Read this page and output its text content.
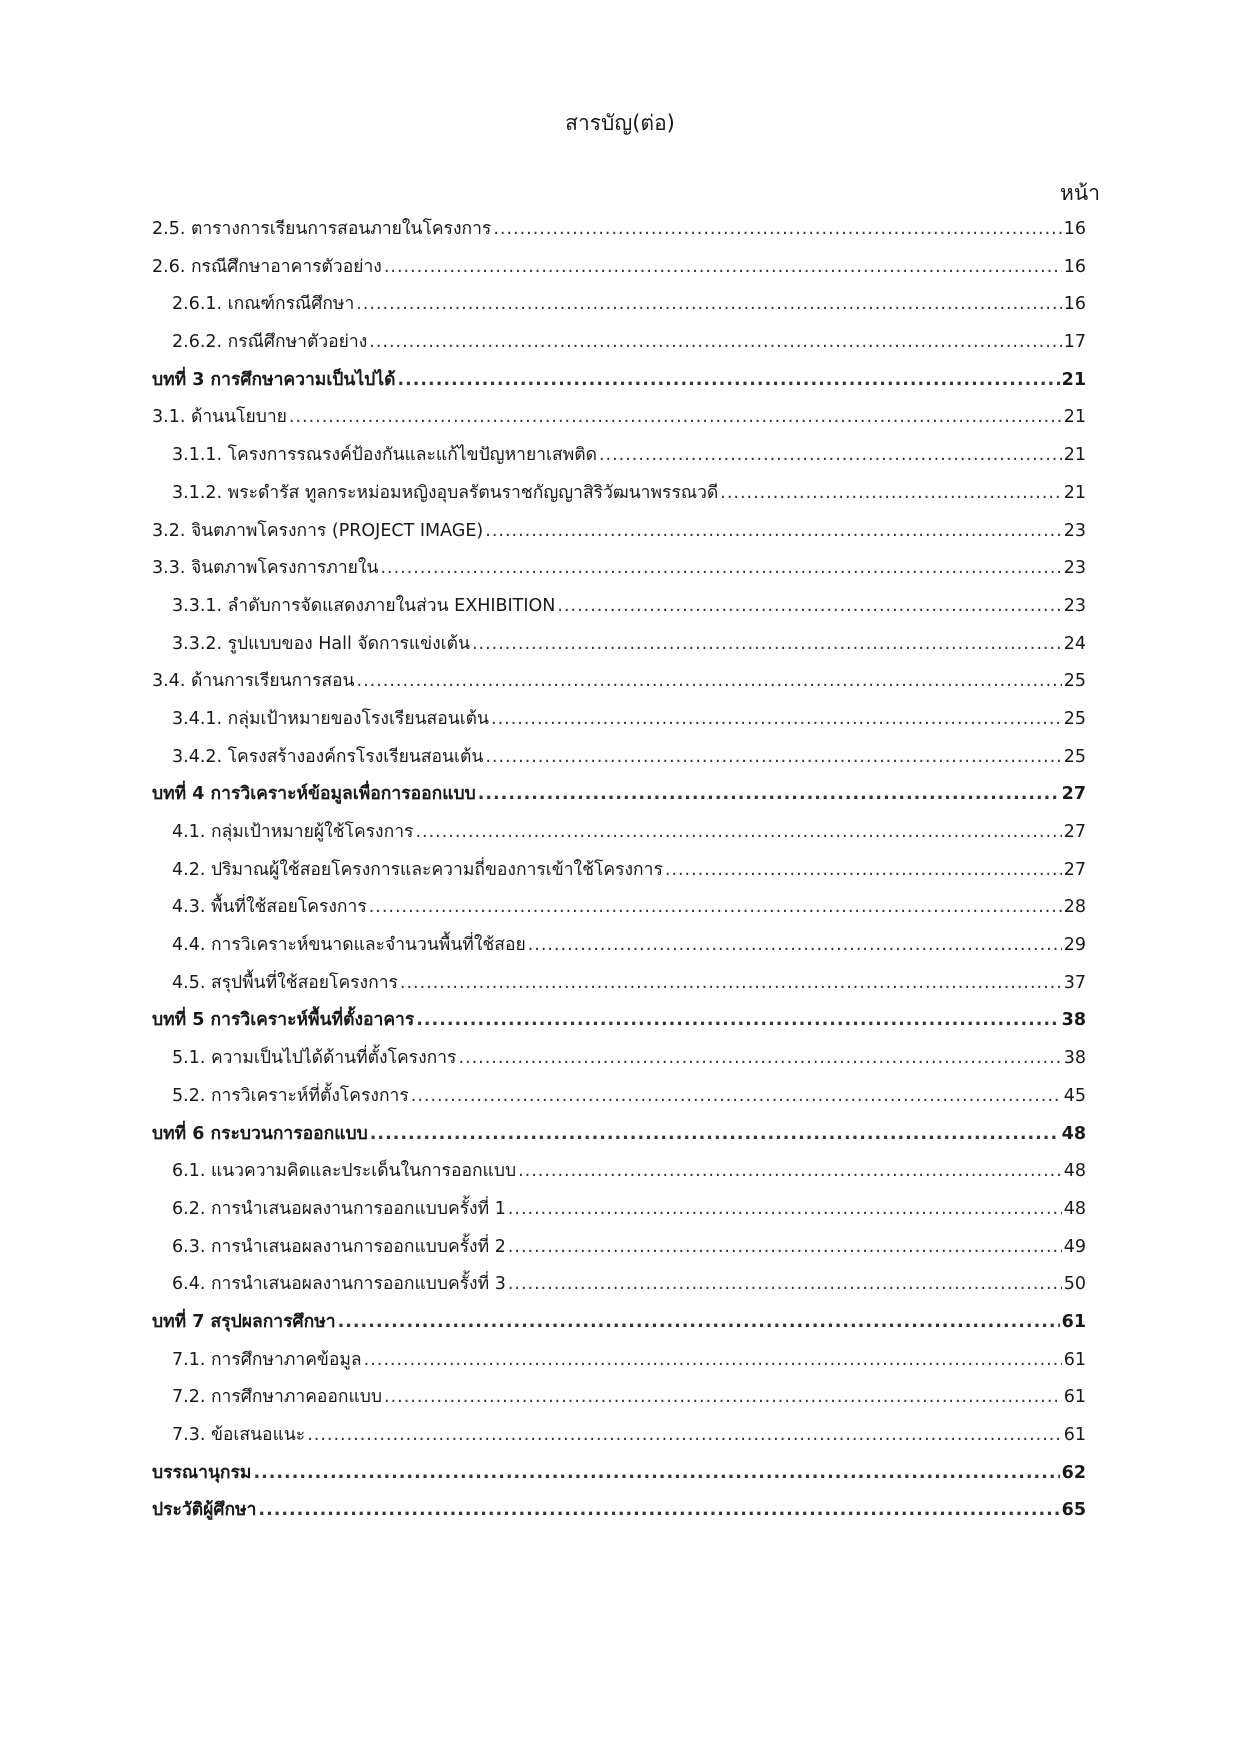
สารบัญ(ต่อ)
หน้า
2.5. ตารางการเรียนการสอนภายในโครงการ .....	16
2.6. กรณีศึกษาอาคารตัวอย่าง .....	16
2.6.1. เกณฑ์กรณีศึกษา .....	16
2.6.2. กรณีศึกษาตัวอย่าง .....	17
บทที่ 3 การศึกษาความเป็นไปได้ .....	21
3.1. ด้านนโยบาย .....	21
3.1.1. โครงการรณรงค์ป้องกันและแก้ไขปัญหายาเสพติด .....	21
3.1.2. พระดำรัส ทูลกระหม่อมหญิงอุบลรัตนราชกัญญาสิริวัฒนาพรรณวดี .....	21
3.2. จินตภาพโครงการ (PROJECT IMAGE) .....	23
3.3. จินตภาพโครงการภายใน .....	23
3.3.1. ลำดับการจัดแสดงภายในส่วน EXHIBITION .....	23
3.3.2. รูปแบบของ Hall จัดการแข่งเต้น .....	24
3.4. ด้านการเรียนการสอน .....	25
3.4.1. กลุ่มเป้าหมายของโรงเรียนสอนเต้น .....	25
3.4.2. โครงสร้างองค์กรโรงเรียนสอนเต้น .....	25
บทที่ 4 การวิเคราะห์ข้อมูลเพื่อการออกแบบ .....	27
4.1. กลุ่มเป้าหมายผู้ใช้โครงการ .....	27
4.2. ปริมาณผู้ใช้สอยโครงการและความถี่ของการเข้าใช้โครงการ .....	27
4.3. พื้นที่ใช้สอยโครงการ .....	28
4.4. การวิเคราะห์ขนาดและจำนวนพื้นที่ใช้สอย .....	29
4.5. สรุปพื้นที่ใช้สอยโครงการ .....	37
บทที่ 5 การวิเคราะห์พื้นที่ตั้งอาคาร .....	38
5.1. ความเป็นไปได้ด้านที่ตั้งโครงการ .....	38
5.2. การวิเคราะห์ที่ตั้งโครงการ .....	45
บทที่ 6 กระบวนการออกแบบ .....	48
6.1. แนวความคิดและประเด็นในการออกแบบ .....	48
6.2. การนำเสนอผลงานการออกแบบครั้งที่ 1 .....	48
6.3. การนำเสนอผลงานการออกแบบครั้งที่ 2 .....	49
6.4. การนำเสนอผลงานการออกแบบครั้งที่ 3 .....	50
บทที่ 7 สรุปผลการศึกษา .....	61
7.1. การศึกษาภาคข้อมูล .....	61
7.2. การศึกษาภาคออกแบบ .....	61
7.3. ข้อเสนอแนะ .....	61
บรรณานุกรม .....	62
ประวัติผู้ศึกษา .....	65
